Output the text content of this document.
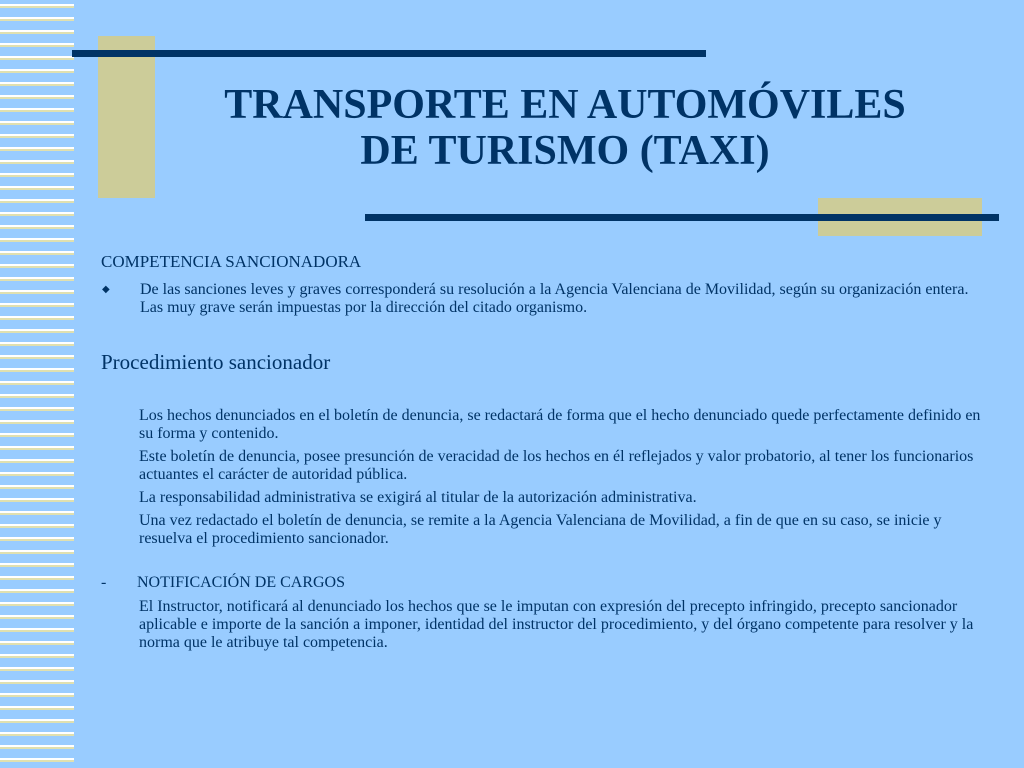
TRANSPORTE EN AUTOMÓVILES
DE TURISMO (TAXI)
COMPETENCIA SANCIONADORA
◆	De las sanciones leves y graves corresponderá su resolución a la Agencia Valenciana de Movilidad, según su organización entera. Las muy grave serán impuestas por la dirección del citado organismo.
Procedimiento sancionador

Los hechos denunciados en el boletín de denuncia, se redactará de forma que el hecho denunciado quede perfectamente definido en su forma y contenido.

Este boletín de denuncia, posee presunción de veracidad de los hechos en él reflejados y valor probatorio, al tener los funcionarios actuantes el carácter de autoridad pública.

La responsabilidad administrativa se exigirá al titular de la autorización administrativa.

Una vez redactado el boletín de denuncia, se remite a la Agencia Valenciana de Movilidad, a fin de que en su caso, se inicie y resuelva el procedimiento sancionador.

-	NOTIFICACIÓN DE CARGOS
El Instructor, notificará al denunciado los hechos que se le imputan con expresión del precepto infringido, precepto sancionador aplicable e importe de la sanción a imponer, identidad del instructor del procedimiento, y del órgano competente para resolver y la norma que le atribuye tal competencia.
